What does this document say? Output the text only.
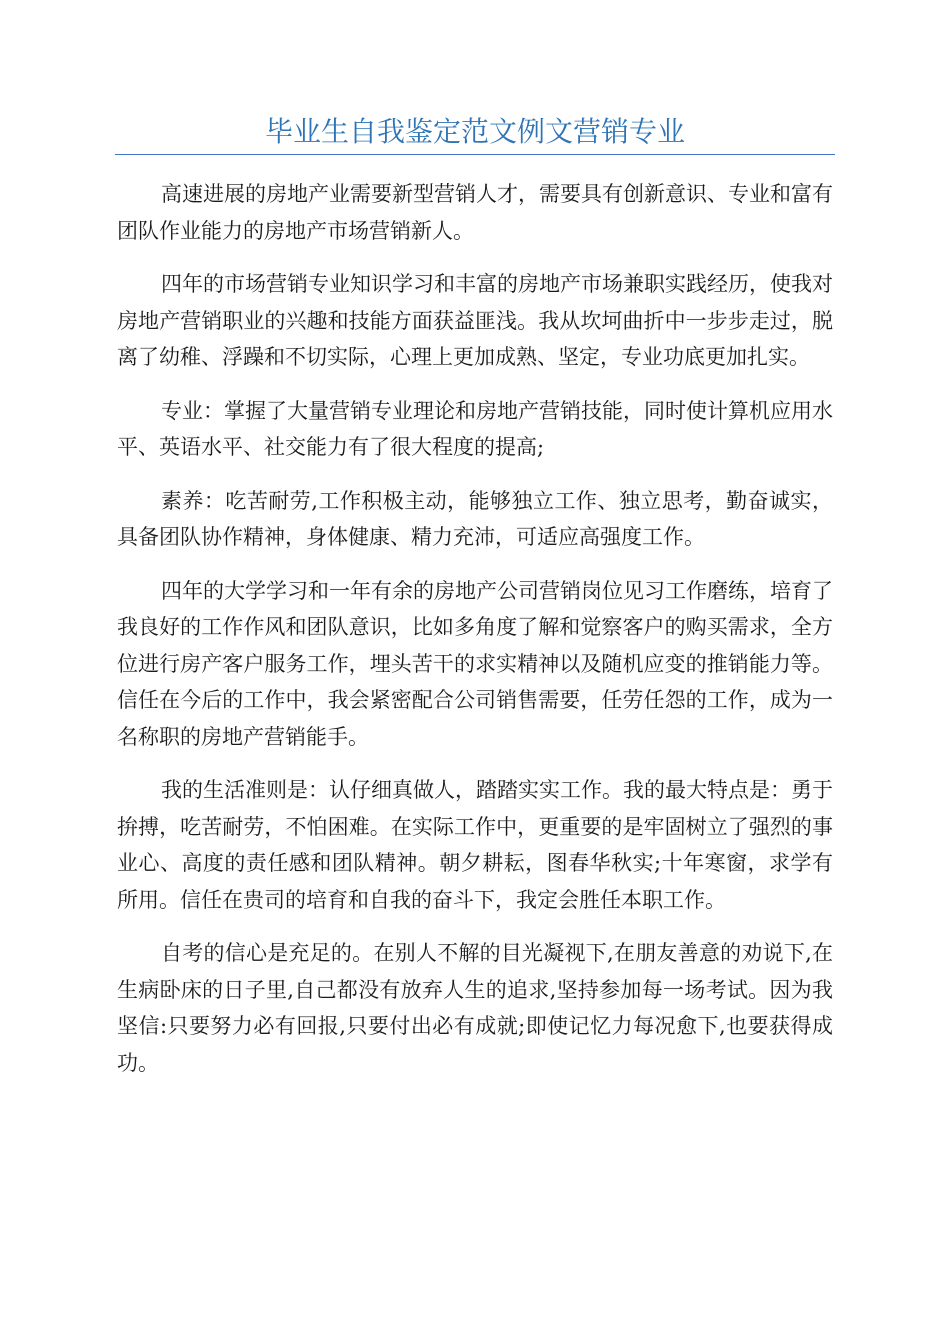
毕业生自我鉴定范文例文营销专业

高速进展的房地产业需要新型营销人才，需要具有创新意识、专业和富有团队作业能力的房地产市场营销新人。

四年的市场营销专业知识学习和丰富的房地产市场兼职实践经历，使我对房地产营销职业的兴趣和技能方面获益匪浅。我从坎坷曲折中一步步走过，脱离了幼稚、浮躁和不切实际，心理上更加成熟、坚定，专业功底更加扎实。

专业：掌握了大量营销专业理论和房地产营销技能，同时使计算机应用水平、英语水平、社交能力有了很大程度的提高;

素养：吃苦耐劳,工作积极主动，能够独立工作、独立思考，勤奋诚实，具备团队协作精神，身体健康、精力充沛，可适应高强度工作。

四年的大学学习和一年有余的房地产公司营销岗位见习工作磨练，培育了我良好的工作作风和团队意识，比如多角度了解和觉察客户的购买需求，全方位进行房产客户服务工作，埋头苦干的求实精神以及随机应变的推销能力等。信任在今后的工作中，我会紧密配合公司销售需要，任劳任怨的工作，成为一名称职的房地产营销能手。

我的生活准则是：认仔细真做人，踏踏实实工作。我的最大特点是：勇于拚搏，吃苦耐劳，不怕困难。在实际工作中，更重要的是牢固树立了强烈的事业心、高度的责任感和团队精神。朝夕耕耘，图春华秋实;十年寒窗，求学有所用。信任在贵司的培育和自我的奋斗下，我定会胜任本职工作。

自考的信心是充足的。在别人不解的目光凝视下,在朋友善意的劝说下,在生病卧床的日子里,自己都没有放弃人生的追求,坚持参加每一场考试。因为我坚信:只要努力必有回报,只要付出必有成就;即使记忆力每况愈下,也要获得成功。
